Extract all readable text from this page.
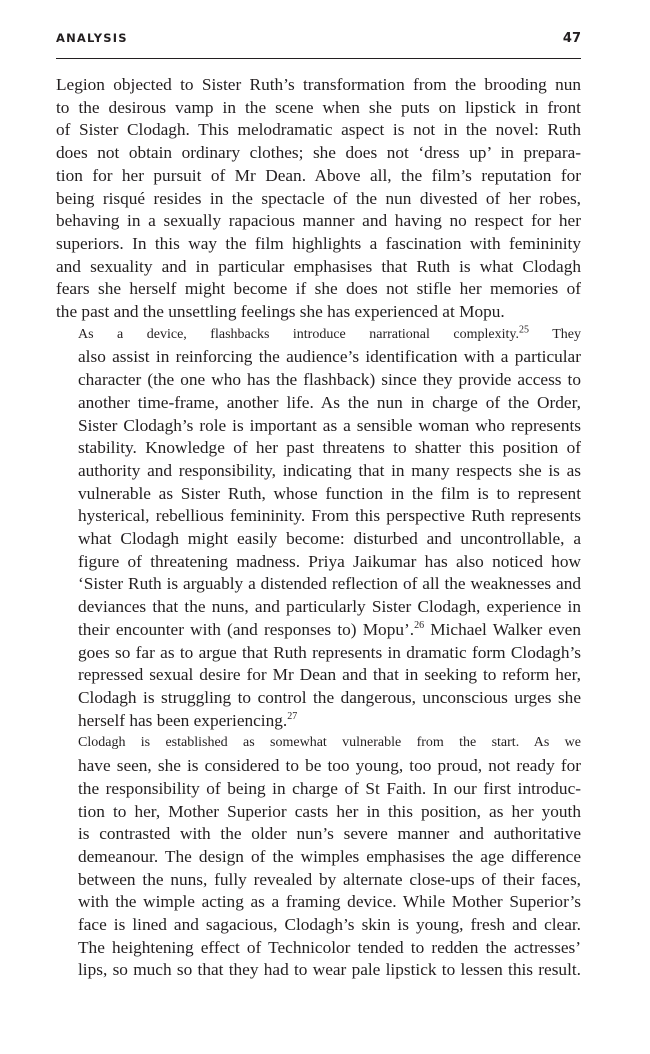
ANALYSIS	47

Legion objected to Sister Ruth’s transformation from the brooding nun
to the desirous vamp in the scene when she puts on lipstick in front
of Sister Clodagh. This melodramatic aspect is not in the novel: Ruth
does not obtain ordinary clothes; she does not ‘dress up’ in prepara-
tion for her pursuit of Mr Dean. Above all, the film’s reputation for
being risqué resides in the spectacle of the nun divested of her robes,
behaving in a sexually rapacious manner and having no respect for her
superiors. In this way the film highlights a fascination with femininity
and sexuality and in particular emphasises that Ruth is what Clodagh
fears she herself might become if she does not stifle her memories of
the past and the unsettling feelings she has experienced at Mopu.

As a device, flashbacks introduce narrational complexity.$^{25}$ They
also assist in reinforcing the audience’s identification with a particular
character (the one who has the flashback) since they provide access to
another time-frame, another life. As the nun in charge of the Order,
Sister Clodagh’s role is important as a sensible woman who represents
stability. Knowledge of her past threatens to shatter this position of
authority and responsibility, indicating that in many respects she is as
vulnerable as Sister Ruth, whose function in the film is to represent
hysterical, rebellious femininity. From this perspective Ruth represents
what Clodagh might easily become: disturbed and uncontrollable, a
figure of threatening madness. Priya Jaikumar has also noticed how
‘Sister Ruth is arguably a distended reflection of all the weaknesses and
deviances that the nuns, and particularly Sister Clodagh, experience in
their encounter with (and responses to) Mopu’.$^{26}$ Michael Walker even
goes so far as to argue that Ruth represents in dramatic form Clodagh’s
repressed sexual desire for Mr Dean and that in seeking to reform her,
Clodagh is struggling to control the dangerous, unconscious urges she
herself has been experiencing.$^{27}$

Clodagh is established as somewhat vulnerable from the start. As we
have seen, she is considered to be too young, too proud, not ready for
the responsibility of being in charge of St Faith. In our first introduc-
tion to her, Mother Superior casts her in this position, as her youth
is contrasted with the older nun’s severe manner and authoritative
demeanour. The design of the wimples emphasises the age difference
between the nuns, fully revealed by alternate close-ups of their faces,
with the wimple acting as a framing device. While Mother Superior’s
face is lined and sagacious, Clodagh’s skin is young, fresh and clear.
The heightening effect of Technicolor tended to redden the actresses’
lips, so much so that they had to wear pale lipstick to lessen this result.
